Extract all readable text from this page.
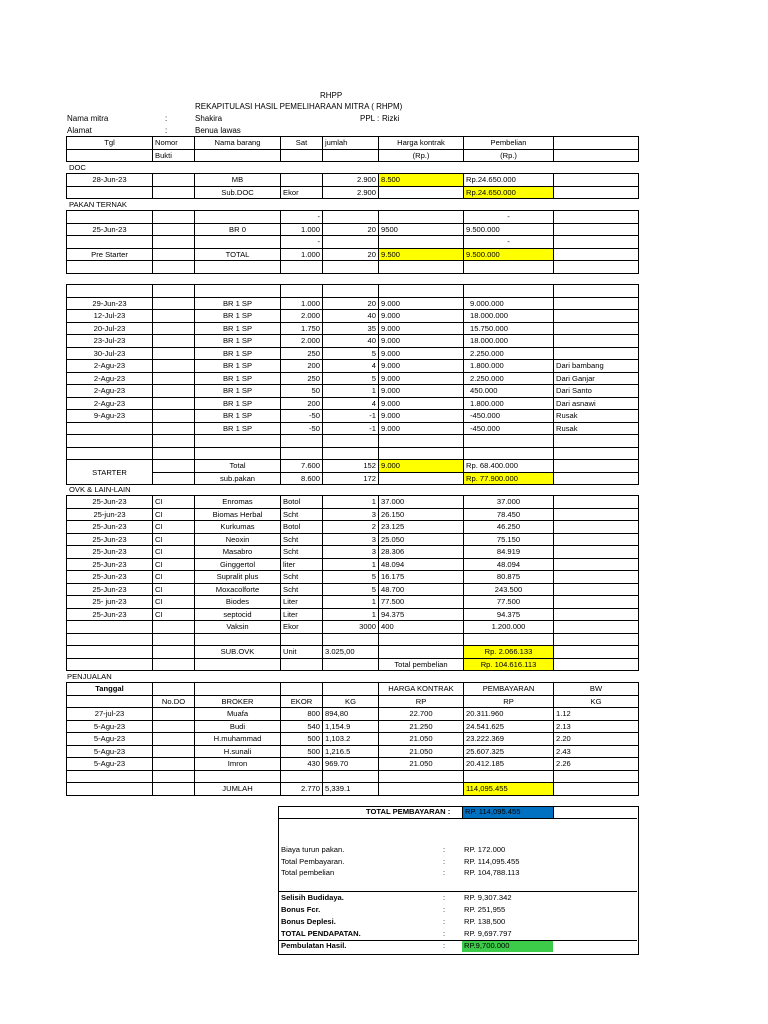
RHPP
REKAPITULASI HASIL PEMELIHARAAN MITRA ( RHPM)
Nama mitra	:	Shakira	PPL : Rizki
Alamat	:	Benua lawas
Tgl	Nomor	Nama barang	Sat	jumlah	Harga kontrak	Pembelian	
	Bukti				(Rp.)	(Rp.)	
DOC
28-Jun-23		MB		2.900	8.500	Rp.24.650.000	
		Sub.DOC	Ekor	2.900		Rp.24.650.000	
PAKAN TERNAK
			-			-	
25-Jun-23		BR 0	1.000	20	9500	9.500.000	
			-			-	
Pre Starter		TOTAL	1.000	20	9.500	9.500.000	

29-Jun-23		BR 1 SP	1.000	20	9.000	9.000.000	
12-Jul-23		BR 1 SP	2.000	40	9.000	18.000.000	
20-Jul-23		BR 1 SP	1.750	35	9.000	15.750.000	
23-Jul-23		BR 1 SP	2.000	40	9.000	18.000.000	
30-Jul-23		BR 1 SP	250	5	9.000	2.250.000	
2-Agu-23		BR 1 SP	200	4	9.000	1.800.000	Dari bambang
2-Agu-23		BR 1 SP	250	5	9.000	2.250.000	Dari Ganjar
2-Agu-23		BR 1 SP	50	1	9.000	450.000	Dari Santo
2-Agu-23		BR 1 SP	200	4	9.000	1.800.000	Dari asnawi
9-Agu-23		BR 1 SP	-50	-1	9.000	-450.000	Rusak
		BR 1 SP	-50	-1	9.000	-450.000	Rusak

STARTER		Total	7.600	152	9.000	Rp. 68.400.000	
		sub.pakan	8.600	172		Rp. 77.900.000	
OVK & LAIN-LAIN
25-Jun-23	CI	Enromas	Botol	1	37.000	37.000	
25-jun-23	CI	Biomas Herbal	Scht	3	26.150	78.450	
25-Jun-23	CI	Kurkumas	Botol	2	23.125	46.250	
25-Jun-23	CI	Neoxin	Scht	3	25.050	75.150	
25-Jun-23	CI	Masabro	Scht	3	28.306	84.919	
25-Jun-23	CI	Ginggertol	liter	1	48.094	48.094	
25-Jun-23	CI	Supralit plus	Scht	5	16.175	80.875	
25-Jun-23	CI	Moxacolforte	Scht	5	48.700	243.500	
25- jun-23	CI	Biodes	Liter	1	77.500	77.500	
25-Jun-23	CI	septocid	Liter	1	94.375	94.375	
		Vaksin	Ekor	3000	400	1.200.000	

		SUB.OVK	Unit	3.025,00		Rp. 2.066.133	
					Total pembelian	Rp. 104.616.113	
PENJUALAN
Tanggal					HARGA KONTRAK	PEMBAYARAN	BW
	No.DO	BROKER	EKOR	KG	RP	RP	KG
27-jul-23		Muafa	800	894,80	22.700	20.311.960	1.12
5-Agu-23		Budi	540	1,154.9	21.250	24.541.625	2.13
5-Agu-23		H.muhammad	500	1,103.2	21.050	23.222.369	2.20
5-Agu-23		H.sunali	500	1,216.5	21.050	25.607.325	2.43
5-Agu-23		Imron	430	969.70	21.050	20.412.185	2.26

		JUMLAH	2.770	5,339.1		114,095.455	
TOTAL PEMBAYARAN : RP. 114,095.455
Biaya turun pakan.	: RP. 172.000
Total Pembayaran.	: RP. 114,095.455
Total pembelian	: RP. 104,788.113
Selisih Budidaya.	: RP. 9,307.342
Bonus Fcr.	: RP. 251,955
Bonus Deplesi.	: RP. 138,500
TOTAL PENDAPATAN.	: RP. 9,697.797
Pembulatan Hasil.	: RP.9,700.000
